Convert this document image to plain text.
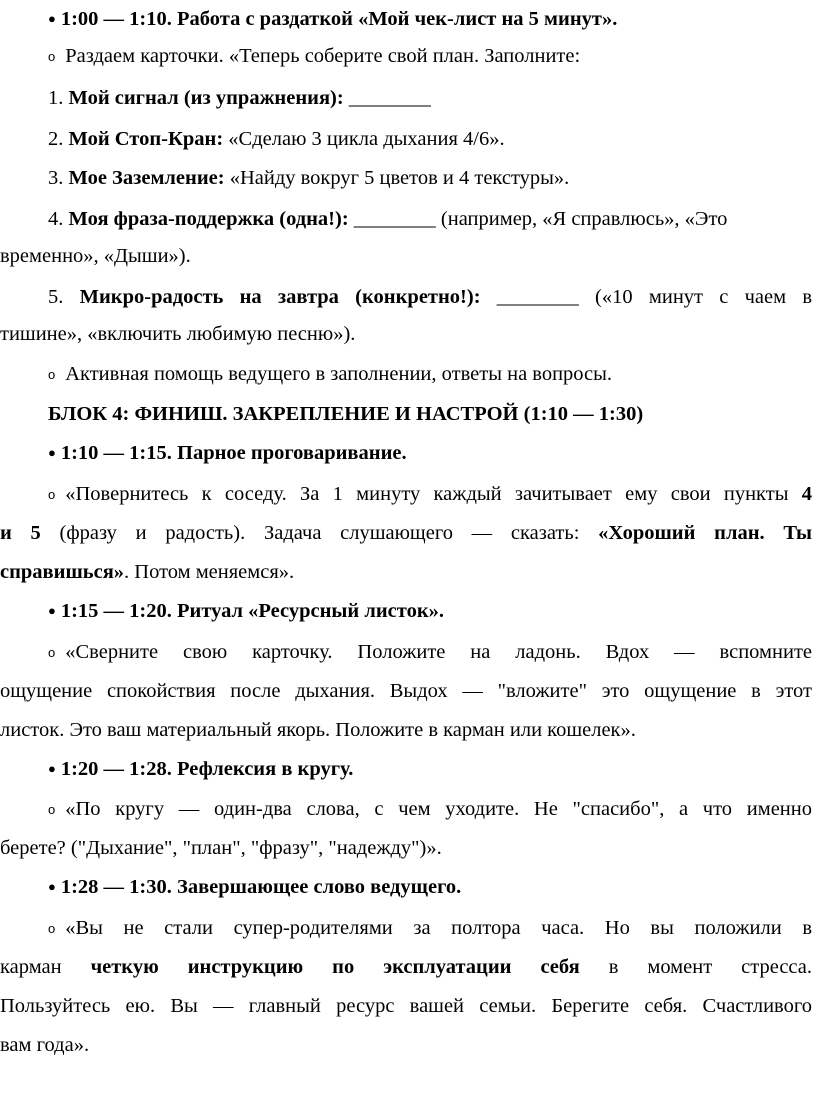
● 1:00 — 1:10. Работа с раздаткой «Мой чек-лист на 5 минут».
o Раздаем карточки. «Теперь соберите свой план. Заполните:
1. Мой сигнал (из упражнения): ________
2. Мой Стоп-Кран: «Сделаю 3 цикла дыхания 4/6».
3. Мое Заземление: «Найду вокруг 5 цветов и 4 текстуры».
4. Моя фраза-поддержка (одна!): ________ (например, «Я справлюсь», «Это
временно», «Дыши»).
5. Микро-радость на завтра (конкретно!): ________ («10 минут с чаем в
тишине», «включить любимую песню»).
o Активная помощь ведущего в заполнении, ответы на вопросы.
БЛОК 4: ФИНИШ. ЗАКРЕПЛЕНИЕ И НАСТРОЙ (1:10 — 1:30)
● 1:10 — 1:15. Парное проговаривание.
o «Повернитесь к соседу. За 1 минуту каждый зачитывает ему свои пункты 4
и 5 (фразу и радость). Задача слушающего — сказать: «Хороший план. Ты
справишься». Потом меняемся».
● 1:15 — 1:20. Ритуал «Ресурсный листок».
o «Сверните свою карточку. Положите на ладонь. Вдох — вспомните
ощущение спокойствия после дыхания. Выдох — "вложите" это ощущение в этот
листок. Это ваш материальный якорь. Положите в карман или кошелек».
● 1:20 — 1:28. Рефлексия в кругу.
o «По кругу — один-два слова, с чем уходите. Не "спасибо", а что именно
берете? ("Дыхание", "план", "фразу", "надежду")».
● 1:28 — 1:30. Завершающее слово ведущего.
o «Вы не стали супер-родителями за полтора часа. Но вы положили в
карман четкую инструкцию по эксплуатации себя в момент стресса.
Пользуйтесь ею. Вы — главный ресурс вашей семьи. Берегите себя. Счастливого
вам года».
